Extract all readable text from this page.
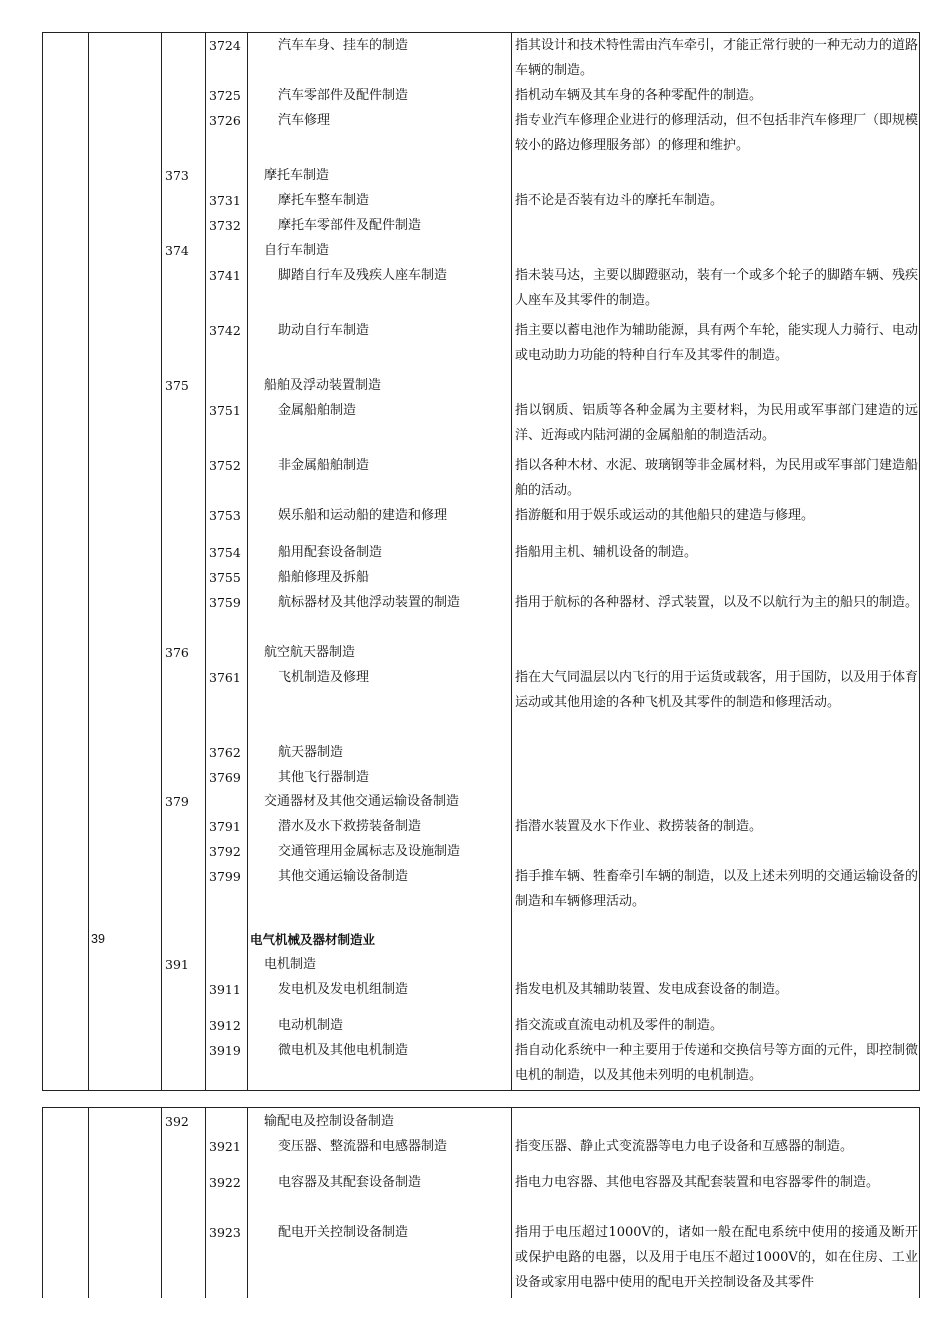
3724	汽车车身、挂车的制造	指其设计和技术特性需由汽车牵引，才能正常行驶的一种无动力的道路车辆的制造。
3725	汽车零部件及配件制造	指机动车辆及其车身的各种零配件的制造。
3726	汽车修理	指专业汽车修理企业进行的修理活动，但不包括非汽车修理厂（即规模较小的路边修理服务部）的修理和维护。
373	摩托车制造
3731	摩托车整车制造	指不论是否装有边斗的摩托车制造。
3732	摩托车零部件及配件制造
374	自行车制造
3741	脚踏自行车及残疾人座车制造	指未装马达，主要以脚蹬驱动，装有一个或多个轮子的脚踏车辆、残疾人座车及其零件的制造。
3742	助动自行车制造	指主要以蓄电池作为辅助能源，具有两个车轮，能实现人力骑行、电动或电动助力功能的特种自行车及其零件的制造。
375	船舶及浮动装置制造
3751	金属船舶制造	指以钢质、铝质等各种金属为主要材料，为民用或军事部门建造的远洋、近海或内陆河湖的金属船舶的制造活动。
3752	非金属船舶制造	指以各种木材、水泥、玻璃钢等非金属材料，为民用或军事部门建造船舶的活动。
3753	娱乐船和运动船的建造和修理	指游艇和用于娱乐或运动的其他船只的建造与修理。
3754	船用配套设备制造	指船用主机、辅机设备的制造。
3755	船舶修理及拆船
3759	航标器材及其他浮动装置的制造	指用于航标的各种器材、浮式装置，以及不以航行为主的船只的制造。
376	航空航天器制造
3761	飞机制造及修理	指在大气同温层以内飞行的用于运货或载客，用于国防，以及用于体育运动或其他用途的各种飞机及其零件的制造和修理活动。
3762	航天器制造
3769	其他飞行器制造
379	交通器材及其他交通运输设备制造
3791	潜水及水下救捞装备制造	指潜水装置及水下作业、救捞装备的制造。
3792	交通管理用金属标志及设施制造
3799	其他交通运输设备制造	指手推车辆、牲畜牵引车辆的制造，以及上述未列明的交通运输设备的制造和车辆修理活动。
39	电气机械及器材制造业
391	电机制造
3911	发电机及发电机组制造	指发电机及其辅助装置、发电成套设备的制造。
3912	电动机制造	指交流或直流电动机及零件的制造。
3919	微电机及其他电机制造	指自动化系统中一种主要用于传递和交换信号等方面的元件，即控制微电机的制造，以及其他未列明的电机制造。
392	输配电及控制设备制造
3921	变压器、整流器和电感器制造	指变压器、静止式变流器等电力电子设备和互感器的制造。
3922	电容器及其配套设备制造	指电力电容器、其他电容器及其配套装置和电容器零件的制造。
3923	配电开关控制设备制造	指用于电压超过1000V的，诸如一般在配电系统中使用的接通及断开或保护电路的电器，以及用于电压不超过1000V的，如在住房、工业设备或家用电器中使用的配电开关控制设备及其零件
